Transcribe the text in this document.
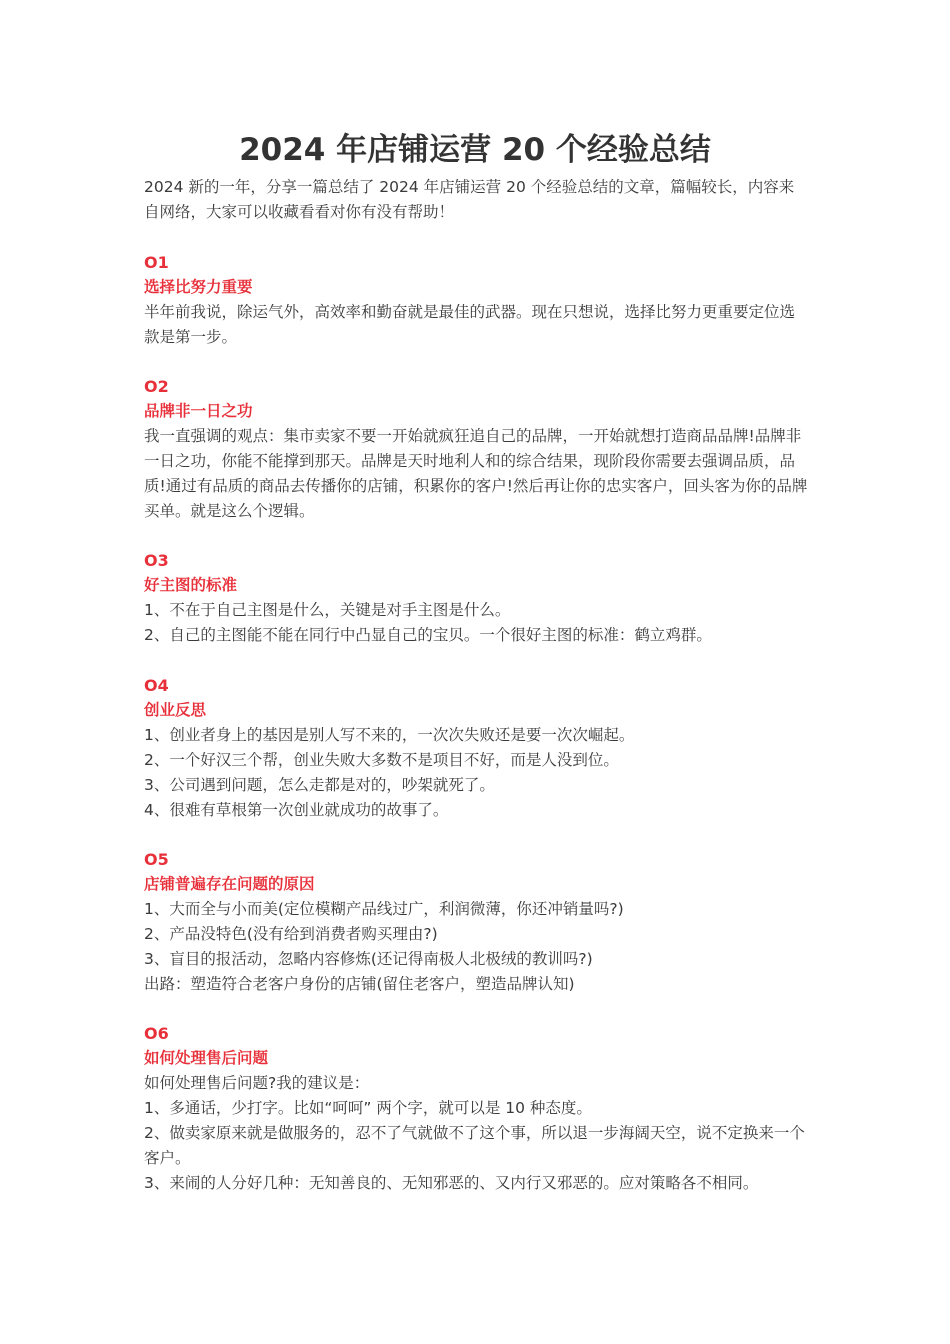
2024 年店铺运营 20 个经验总结

2024 新的一年，分享一篇总结了 2024 年店铺运营 20 个经验总结的文章，篇幅较长，内容来自网络，大家可以收藏看看对你有没有帮助！

O1

选择比努力重要

半年前我说，除运气外，高效率和勤奋就是最佳的武器。现在只想说，选择比努力更重要定位选款是第一步。

O2

品牌非一日之功

我一直强调的观点：集市卖家不要一开始就疯狂追自己的品牌，一开始就想打造商品品牌!品牌非一日之功，你能不能撑到那天。品牌是天时地利人和的综合结果，现阶段你需要去强调品质，品质!通过有品质的商品去传播你的店铺，积累你的客户!然后再让你的忠实客户，回头客为你的品牌买单。就是这么个逻辑。

O3

好主图的标准

1、不在于自己主图是什么，关键是对手主图是什么。

2、自己的主图能不能在同行中凸显自己的宝贝。一个很好主图的标准：鹤立鸡群。

O4

创业反思

1、创业者身上的基因是别人写不来的，一次次失败还是要一次次崛起。

2、一个好汉三个帮，创业失败大多数不是项目不好，而是人没到位。

3、公司遇到问题，怎么走都是对的，吵架就死了。

4、很难有草根第一次创业就成功的故事了。

O5

店铺普遍存在问题的原因

1、大而全与小而美(定位模糊产品线过广，利润微薄，你还冲销量吗?)

2、产品没特色(没有给到消费者购买理由?)

3、盲目的报活动，忽略内容修炼(还记得南极人北极绒的教训吗?)

出路：塑造符合老客户身份的店铺(留住老客户，塑造品牌认知)

O6

如何处理售后问题

如何处理售后问题?我的建议是：

1、多通话，少打字。比如“呵呵” 两个字，就可以是 10 种态度。

2、做卖家原来就是做服务的，忍不了气就做不了这个事，所以退一步海阔天空，说不定换来一个客户。

3、来闹的人分好几种：无知善良的、无知邪恶的、又内行又邪恶的。应对策略各不相同。
